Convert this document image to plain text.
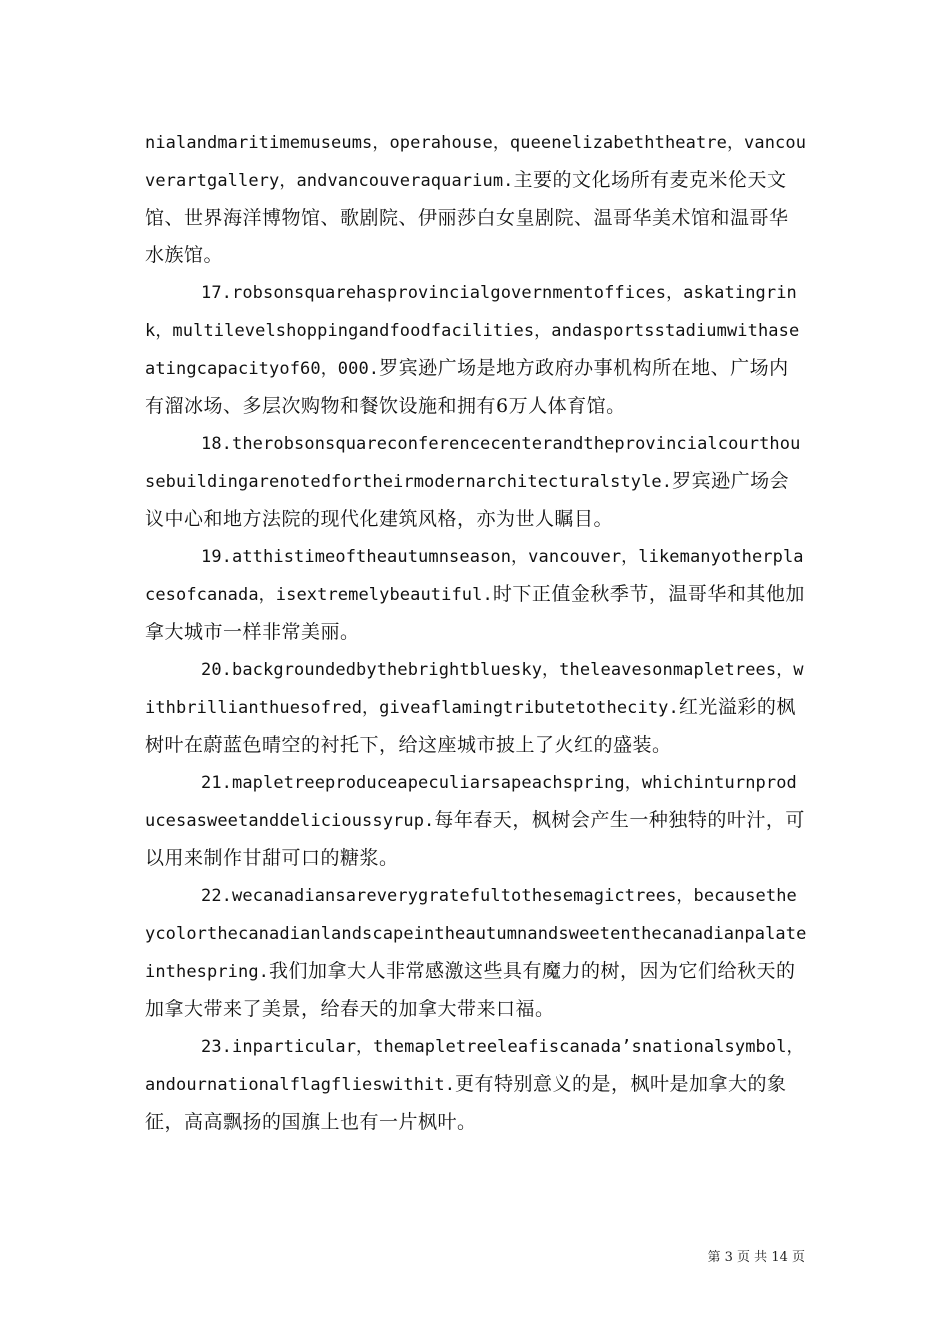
nialandmaritimemuseums，operahouse，queenelizabeththeatre，vancouverartgallery，andvancouveraquarium.主要的文化场所有麦克米伦天文馆、世界海洋博物馆、歌剧院、伊丽莎白女皇剧院、温哥华美术馆和温哥华水族馆。

17.robsonsquarehasprovincialgovernmentoffices，askatingrink，multilevelshoppingandfoodfacilities，andasportsstadiumwithaseatingcapacityof60，000.罗宾逊广场是地方政府办事机构所在地、广场内有溜冰场、多层次购物和餐饮设施和拥有6万人体育馆。

18.therobsonsquareconferencecenterandtheprovincialcourthousebuildingarenotedfortheirmodernarchitecturalstyle.罗宾逊广场会议中心和地方法院的现代化建筑风格，亦为世人瞩目。

19.atthistimeoftheautumnseason，vancouver，likemanyotherplacesofcanada，isextremelybeautiful.时下正值金秋季节，温哥华和其他加拿大城市一样非常美丽。

20.backgroundedbythebrightbluesky，theleavesonmapletrees，withbrillianthuesofred，giveaflamingtributetothecity.红光溢彩的枫树叶在蔚蓝色晴空的衬托下，给这座城市披上了火红的盛装。

21.mapletreeproduceapeculiarsapeachspring，whichinturnproducesasweetanddelicioussyrup.每年春天，枫树会产生一种独特的叶汁，可以用来制作甘甜可口的糖浆。

22.wecanadiansareverygratefultothesemagictrees，becausetheycolorthecanadianlandscapeintheautumnandsweetenthecanadianpalateinthespring.我们加拿大人非常感激这些具有魔力的树，因为它们给秋天的加拿大带来了美景，给春天的加拿大带来口福。

23.inparticular，themapletreeleafiscanada’snationalsymbol，andournationalflagflieswithit.更有特别意义的是，枫叶是加拿大的象征，高高飘扬的国旗上也有一片枫叶。

第 3 页 共 14 页
